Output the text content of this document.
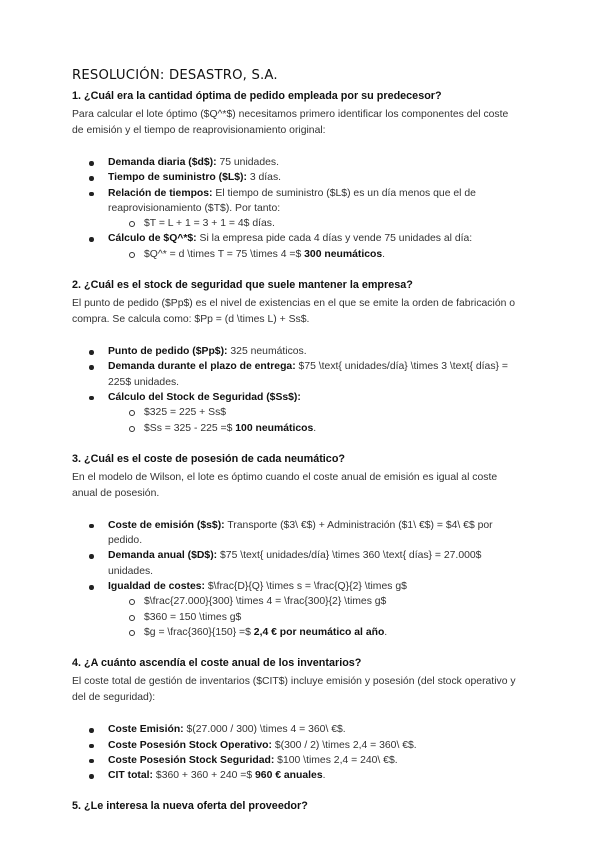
RESOLUCIÓN: DESASTRO, S.A.
1. ¿Cuál era la cantidad óptima de pedido empleada por su predecesor?

Para calcular el lote óptimo ($Q^*$) necesitamos primero identificar los componentes del coste de emisión y el tiempo de reaprovisionamiento original:

Demanda diaria ($d$): 75 unidades.
Tiempo de suministro ($L$): 3 días.
Relación de tiempos: El tiempo de suministro ($L$) es un día menos que el de reaprovisionamiento ($T$). Por tanto:
$T = L + 1 = 3 + 1 = 4$ días.
Cálculo de $Q^*$: Si la empresa pide cada 4 días y vende 75 unidades al día:
$Q^* = d \times T = 75 \times 4 =$ 300 neumáticos.
2. ¿Cuál es el stock de seguridad que suele mantener la empresa?

El punto de pedido ($Pp$) es el nivel de existencias en el que se emite la orden de fabricación o compra. Se calcula como: $Pp = (d \times L) + Ss$.

Punto de pedido ($Pp$): 325 neumáticos.
Demanda durante el plazo de entrega: $75 \text{ unidades/día} \times 3 \text{ días} = 225$ unidades.
Cálculo del Stock de Seguridad ($Ss$):
$325 = 225 + Ss$
$Ss = 325 - 225 =$ 100 neumáticos.
3. ¿Cuál es el coste de posesión de cada neumático?

En el modelo de Wilson, el lote es óptimo cuando el coste anual de emisión es igual al coste anual de posesión.

Coste de emisión ($s$): Transporte ($3\ €$) + Administración ($1\ €$) = $4\ €$ por pedido.
Demanda anual ($D$): $75 \text{ unidades/día} \times 360 \text{ días} = 27.000$ unidades.
Igualdad de costes: $\frac{D}{Q} \times s = \frac{Q}{2} \times g$
$\frac{27.000}{300} \times 4 = \frac{300}{2} \times g$
$360 = 150 \times g$
$g = \frac{360}{150} =$ 2,4 € por neumático al año.
4. ¿A cuánto ascendía el coste anual de los inventarios?

El coste total de gestión de inventarios ($CIT$) incluye emisión y posesión (del stock operativo y del de seguridad):

Coste Emisión: $(27.000 / 300) \times 4 = 360\ €$.
Coste Posesión Stock Operativo: $(300 / 2) \times 2,4 = 360\ €$.
Coste Posesión Stock Seguridad: $100 \times 2,4 = 240\ €$.
CIT total: $360 + 360 + 240 =$ 960 € anuales.
5. ¿Le interesa la nueva oferta del proveedor?
